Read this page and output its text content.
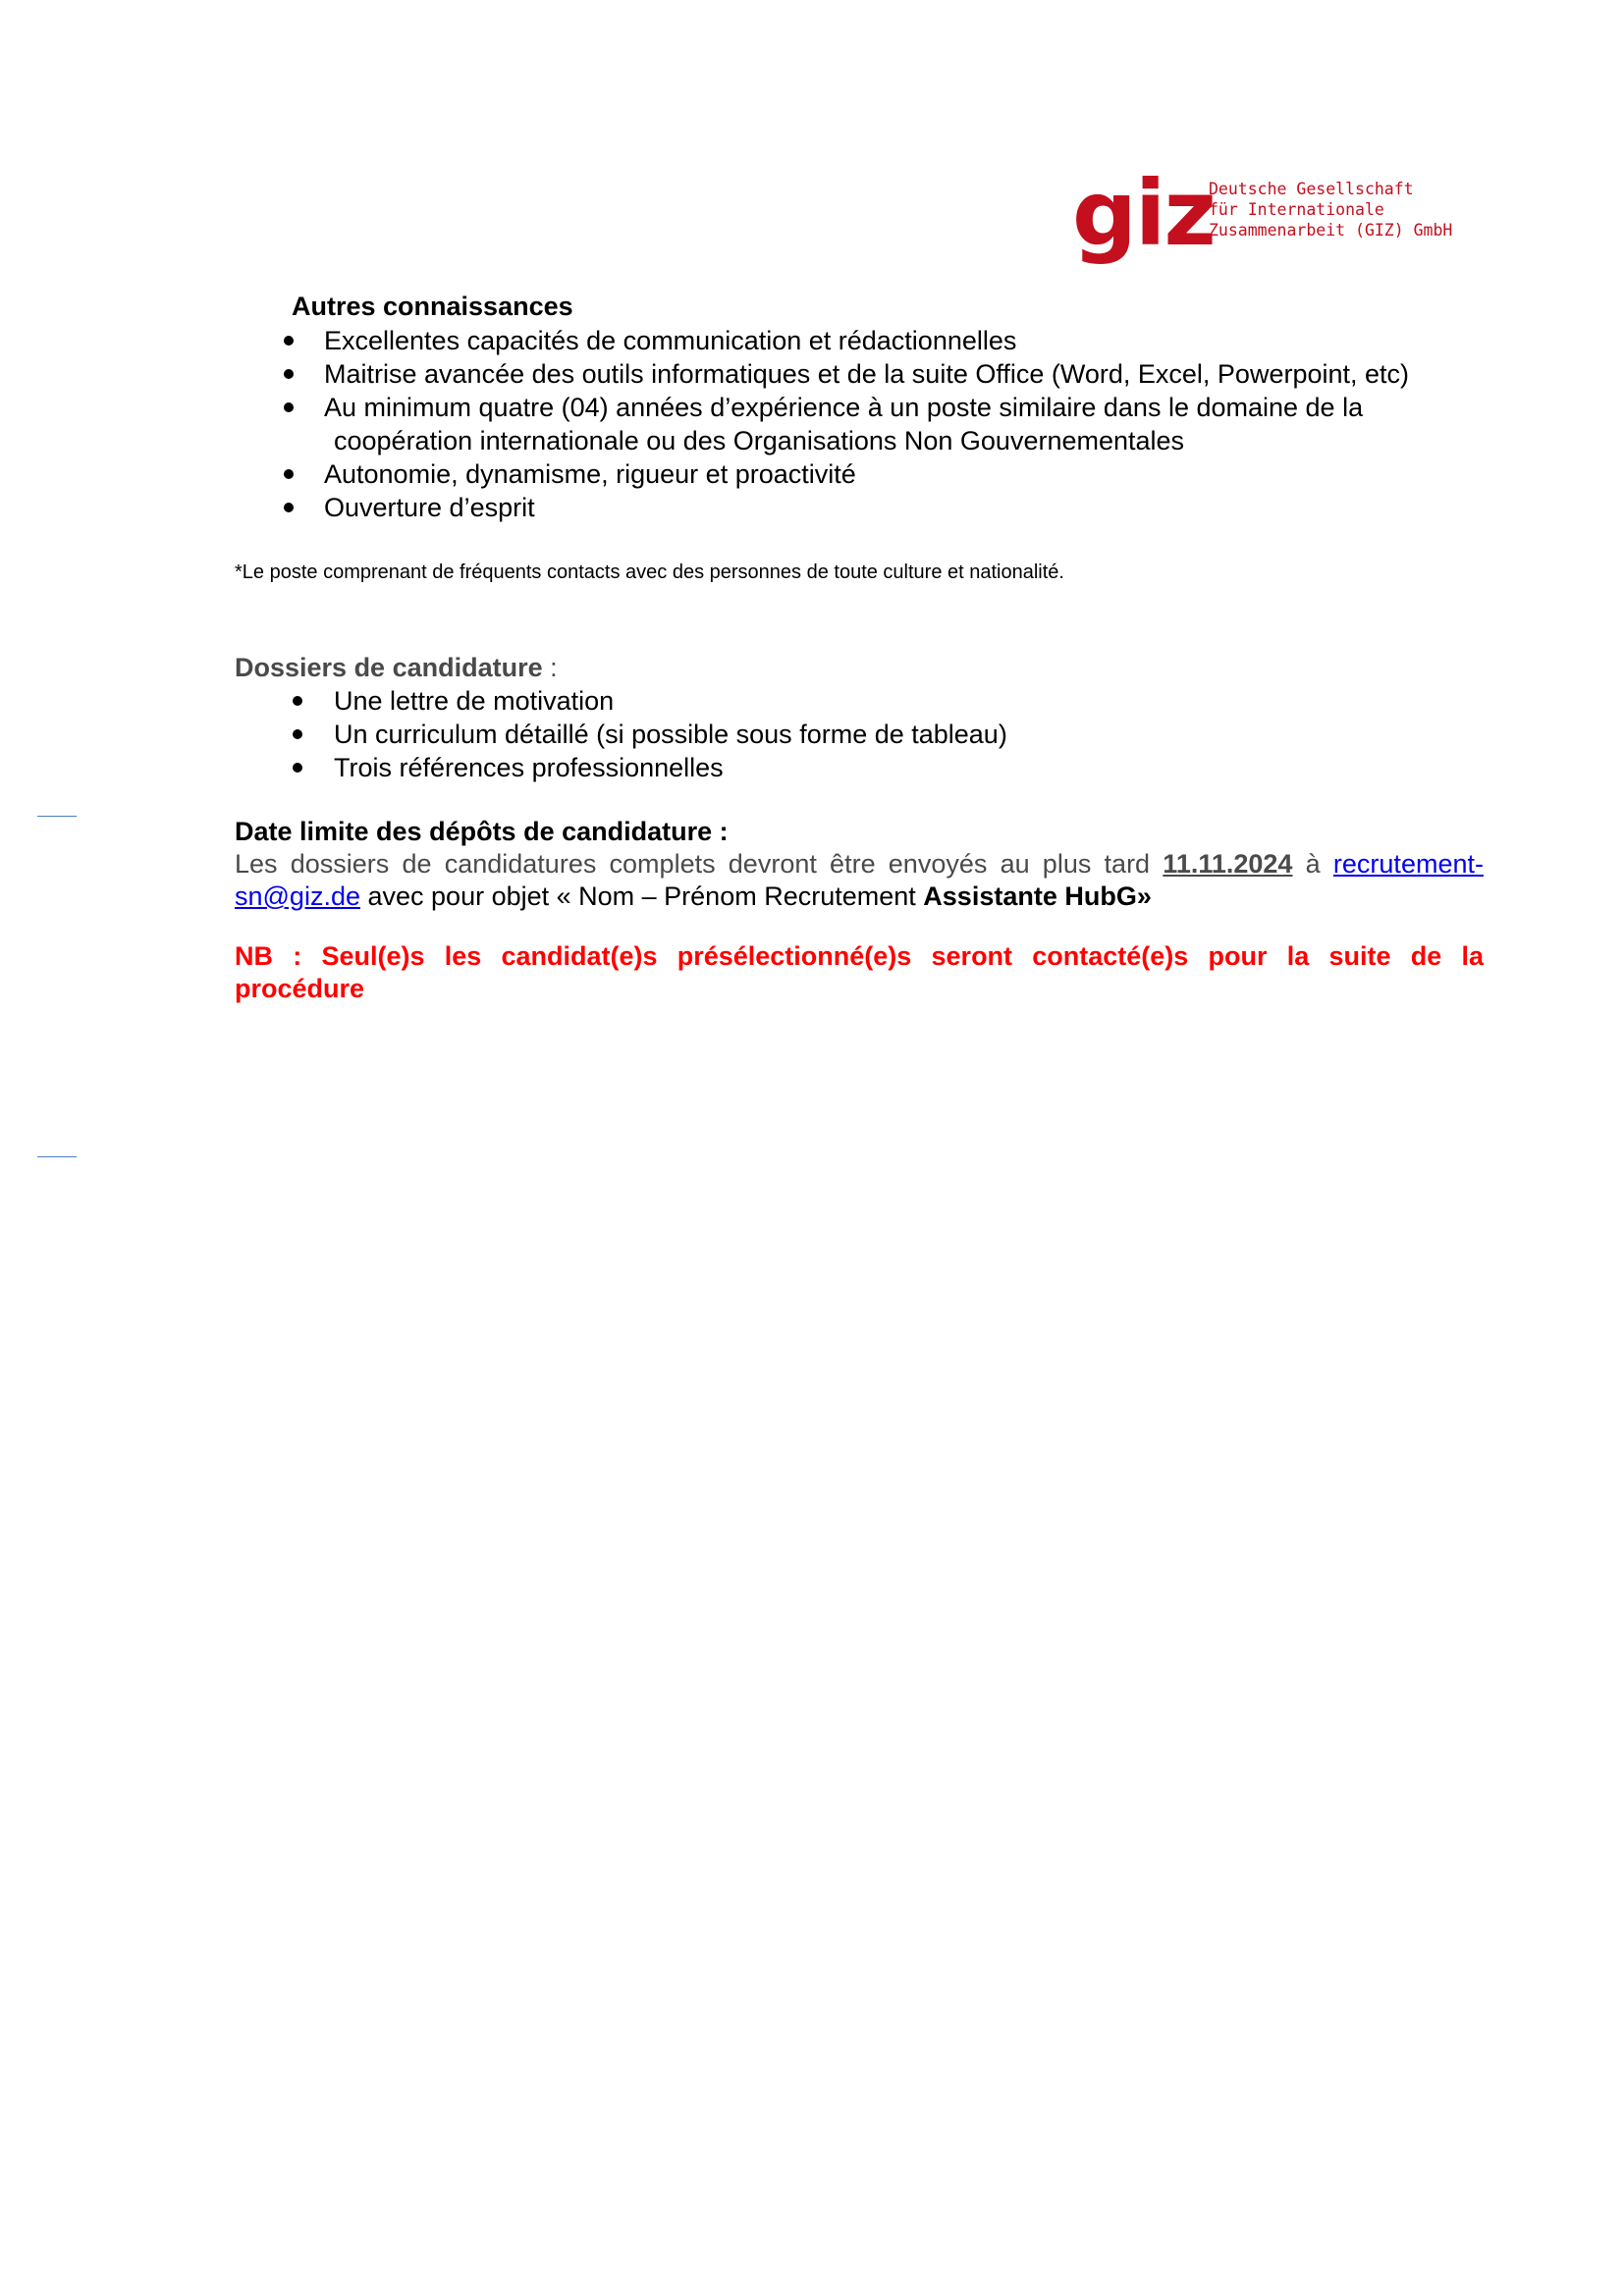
giz
Deutsche Gesellschaft
für Internationale
Zusammenarbeit (GIZ) GmbH
Autres connaissances
Excellentes capacités de communication et rédactionnelles
Maitrise avancée des outils informatiques et de la suite Office (Word, Excel, Powerpoint, etc)
Au minimum quatre (04) années d’expérience à un poste similaire dans le domaine de la
coopération internationale ou des Organisations Non Gouvernementales
Autonomie, dynamisme, rigueur et proactivité
Ouverture d’esprit
*Le poste comprenant de fréquents contacts avec des personnes de toute culture et nationalité.
Dossiers de candidature :
Une lettre de motivation
Un curriculum détaillé (si possible sous forme de tableau)
Trois références professionnelles
Date limite des dépôts de candidature :
Les dossiers de candidatures complets devront être envoyés au plus tard 11.11.2024 à recrutement-
sn@giz.de avec pour objet « Nom – Prénom Recrutement Assistante HubG»
NB : Seul(e)s les candidat(e)s présélectionné(e)s seront contacté(e)s pour la suite de la
procédure
